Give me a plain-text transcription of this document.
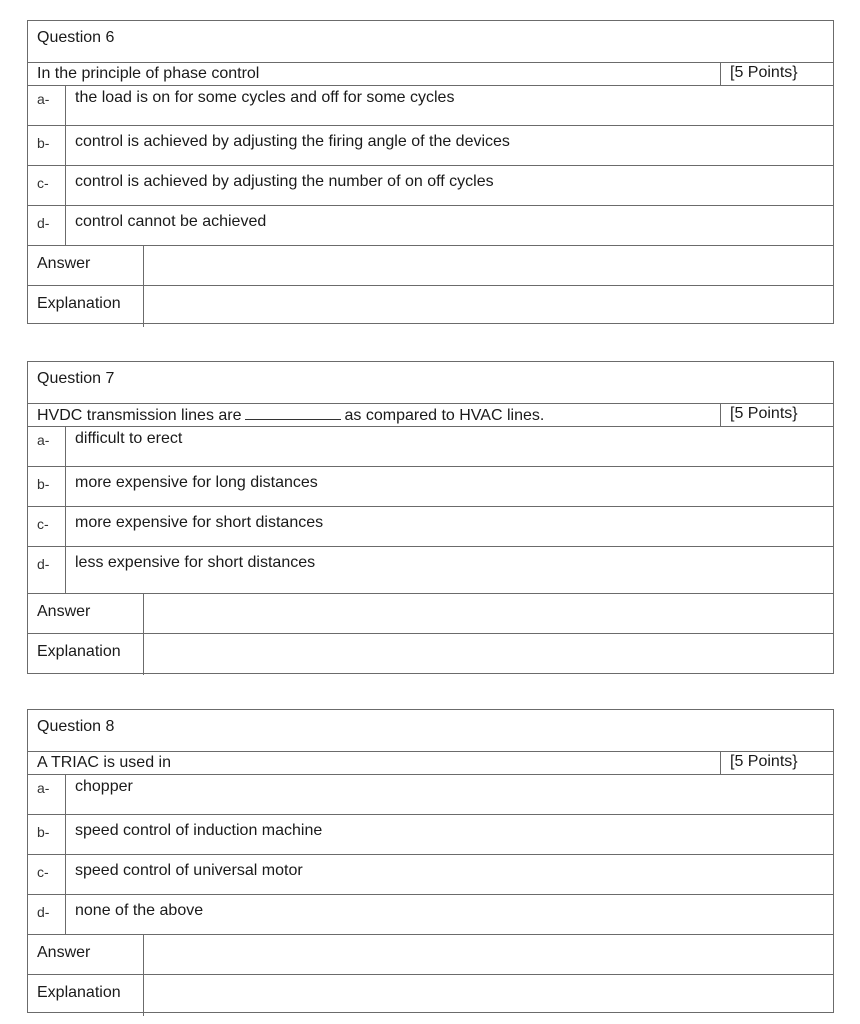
Question 6
In the principle of phase control	[5 Points}
a-	the load is on for some cycles and off for some cycles
b-	control is achieved by adjusting the firing angle of the devices
c-	control is achieved by adjusting the number of on off cycles
d-	control cannot be achieved
Answer
Explanation
Question 7
HVDC transmission lines are	as compared to HVAC lines.	[5 Points}
a-	difficult to erect
b-	more expensive for long distances
c-	more expensive for short distances
d-	less expensive for short distances
Answer
Explanation
Question 8
A TRIAC is used in	[5 Points}
a-	chopper
b-	speed control of induction machine
c-	speed control of universal motor
d-	none of the above
Answer
Explanation
